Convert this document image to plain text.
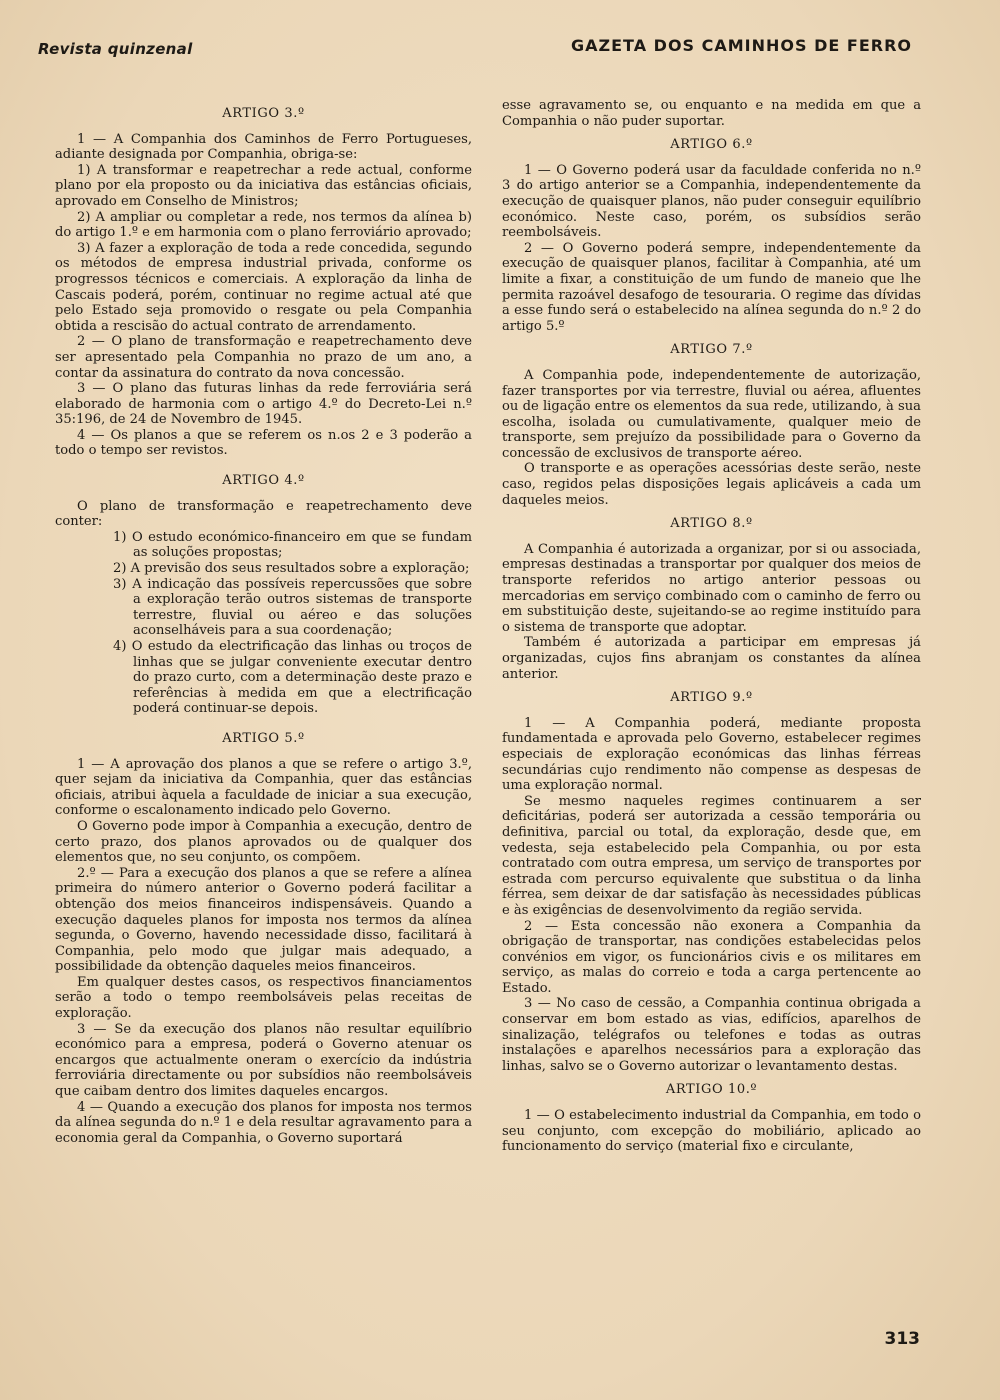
Revista quinzenal	GAZETA DOS CAMINHOS DE FERRO
ARTIGO 3.º

1 — A Companhia dos Caminhos de Ferro Portugueses, adiante designada por Companhia, obriga-se:

1) A transformar e reapetrechar a rede actual, conforme plano por ela proposto ou da iniciativa das estâncias oficiais, aprovado em Conselho de Ministros;

2) A ampliar ou completar a rede, nos termos da alínea b) do artigo 1.º e em harmonia com o plano ferroviário aprovado;

3) A fazer a exploração de toda a rede concedida, segundo os métodos de empresa industrial privada, conforme os progressos técnicos e comerciais. A exploração da linha de Cascais poderá, porém, continuar no regime actual até que pelo Estado seja promovido o resgate ou pela Companhia obtida a rescisão do actual contrato de arrendamento.

2 — O plano de transformação e reapetrechamento deve ser apresentado pela Companhia no prazo de um ano, a contar da assinatura do contrato da nova concessão.

3 — O plano das futuras linhas da rede ferroviária será elaborado de harmonia com o artigo 4.º do Decreto-Lei n.º 35:196, de 24 de Novembro de 1945.

4 — Os planos a que se referem os n.os 2 e 3 poderão a todo o tempo ser revistos.

ARTIGO 4.º

O plano de transformação e reapetrechamento deve conter:

1) O estudo económico-financeiro em que se fundam as soluções propostas;
2) A previsão dos seus resultados sobre a exploração;
3) A indicação das possíveis repercussões que sobre a exploração terão outros sistemas de transporte terrestre, fluvial ou aéreo e das soluções aconselháveis para a sua coordenação;
4) O estudo da electrificação das linhas ou troços de linhas que se julgar conveniente executar dentro do prazo curto, com a determinação deste prazo e referências à medida em que a electrificação poderá continuar-se depois.
ARTIGO 5.º

1 — A aprovação dos planos a que se refere o artigo 3.º, quer sejam da iniciativa da Companhia, quer das estâncias oficiais, atribui àquela a faculdade de iniciar a sua execução, conforme o escalonamento indicado pelo Governo.

O Governo pode impor à Companhia a execução, dentro de certo prazo, dos planos aprovados ou de qualquer dos elementos que, no seu conjunto, os compõem.

2.º — Para a execução dos planos a que se refere a alínea primeira do número anterior o Governo poderá facilitar a obtenção dos meios financeiros indispensáveis. Quando a execução daqueles planos for imposta nos termos da alínea segunda, o Governo, havendo necessidade disso, facilitará à Companhia, pelo modo que julgar mais adequado, a possibilidade da obtenção daqueles meios financeiros.

Em qualquer destes casos, os respectivos financiamentos serão a todo o tempo reembolsáveis pelas receitas de exploração.

3 — Se da execução dos planos não resultar equilíbrio económico para a empresa, poderá o Governo atenuar os encargos que actualmente oneram o exercício da indústria ferroviária directamente ou por subsídios não reembolsáveis que caibam dentro dos limites daqueles encargos.

4 — Quando a execução dos planos for imposta nos termos da alínea segunda do n.º 1 e dela resultar agravamento para a economia geral da Companhia, o Governo suportará

esse agravamento se, ou enquanto e na medida em que a Companhia o não puder suportar.

ARTIGO 6.º

1 — O Governo poderá usar da faculdade conferida no n.º 3 do artigo anterior se a Companhia, independentemente da execução de quaisquer planos, não puder conseguir equilíbrio económico. Neste caso, porém, os subsídios serão reembolsáveis.

2 — O Governo poderá sempre, independentemente da execução de quaisquer planos, facilitar à Companhia, até um limite a fixar, a constituição de um fundo de maneio que lhe permita razoável desafogo de tesouraria. O regime das dívidas a esse fundo será o estabelecido na alínea segunda do n.º 2 do artigo 5.º

ARTIGO 7.º

A Companhia pode, independentemente de autorização, fazer transportes por via terrestre, fluvial ou aérea, afluentes ou de ligação entre os elementos da sua rede, utilizando, à sua escolha, isolada ou cumulativamente, qualquer meio de transporte, sem prejuízo da possibilidade para o Governo da concessão de exclusivos de transporte aéreo.

O transporte e as operações acessórias deste serão, neste caso, regidos pelas disposições legais aplicáveis a cada um daqueles meios.

ARTIGO 8.º

A Companhia é autorizada a organizar, por si ou associada, empresas destinadas a transportar por qualquer dos meios de transporte referidos no artigo anterior pessoas ou mercadorias em serviço combinado com o caminho de ferro ou em substituição deste, sujeitando-se ao regime instituído para o sistema de transporte que adoptar.

Também é autorizada a participar em empresas já organizadas, cujos fins abranjam os constantes da alínea anterior.

ARTIGO 9.º

1 — A Companhia poderá, mediante proposta fundamentada e aprovada pelo Governo, estabelecer regimes especiais de exploração económicas das linhas férreas secundárias cujo rendimento não compense as despesas de uma exploração normal.

Se mesmo naqueles regimes continuarem a ser deficitárias, poderá ser autorizada a cessão temporária ou definitiva, parcial ou total, da exploração, desde que, em vedesta, seja estabelecido pela Companhia, ou por esta contratado com outra empresa, um serviço de transportes por estrada com percurso equivalente que substitua o da linha férrea, sem deixar de dar satisfação às necessidades públicas e às exigências de desenvolvimento da região servida.

2 — Esta concessão não exonera a Companhia da obrigação de transportar, nas condições estabelecidas pelos convénios em vigor, os funcionários civis e os militares em serviço, as malas do correio e toda a carga pertencente ao Estado.

3 — No caso de cessão, a Companhia continua obrigada a conservar em bom estado as vias, edifícios, aparelhos de sinalização, telégrafos ou telefones e todas as outras instalações e aparelhos necessários para a exploração das linhas, salvo se o Governo autorizar o levantamento destas.

ARTIGO 10.º

1 — O estabelecimento industrial da Companhia, em todo o seu conjunto, com excepção do mobiliário, aplicado ao funcionamento do serviço (material fixo e circulante,

313
